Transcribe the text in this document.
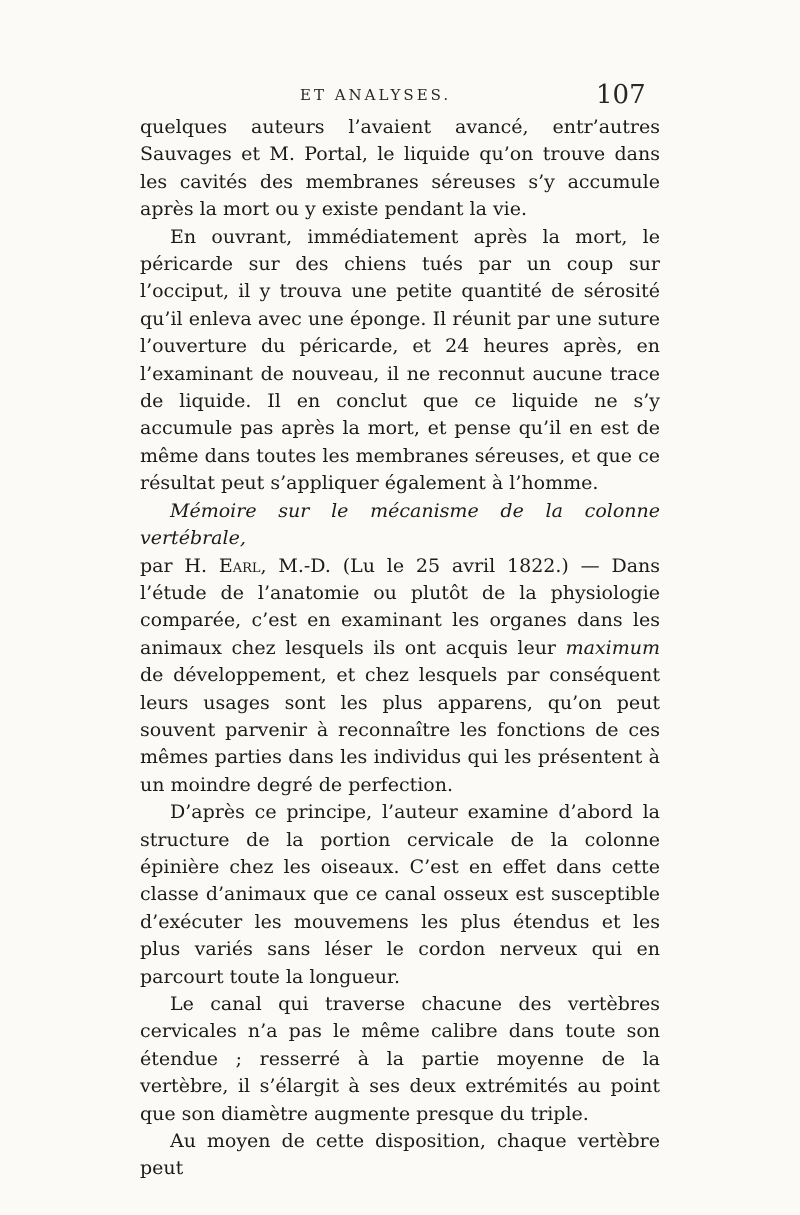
ET ANALYSES.	107

quelques auteurs l’avaient avancé, entr’autres Sauvages et M. Portal, le liquide qu’on trouve dans les cavités des membranes séreuses s’y accumule après la mort ou y existe pendant la vie.

En ouvrant, immédiatement après la mort, le péricarde sur des chiens tués par un coup sur l’occiput, il y trouva une petite quantité de sérosité qu’il enleva avec une éponge. Il réunit par une suture l’ouverture du péricarde, et 24 heures après, en l’examinant de nouveau, il ne reconnut aucune trace de liquide. Il en conclut que ce liquide ne s’y accumule pas après la mort, et pense qu’il en est de même dans toutes les membranes séreuses, et que ce résultat peut s’appliquer également à l’homme.

Mémoire sur le mécanisme de la colonne vertébrale,
par H. Earl, M.-D. (Lu le 25 avril 1822.) — Dans l’étude de l’anatomie ou plutôt de la physiologie comparée, c’est en examinant les organes dans les animaux chez lesquels ils ont acquis leur maximum de développement, et chez lesquels par conséquent leurs usages sont les plus apparens, qu’on peut souvent parvenir à reconnaître les fonctions de ces mêmes parties dans les individus qui les présentent à un moindre degré de perfection.

D’après ce principe, l’auteur examine d’abord la structure de la portion cervicale de la colonne épinière chez les oiseaux. C’est en effet dans cette classe d’animaux que ce canal osseux est susceptible d’exécuter les mouvemens les plus étendus et les plus variés sans léser le cordon nerveux qui en parcourt toute la longueur.

Le canal qui traverse chacune des vertèbres cervicales n’a pas le même calibre dans toute son étendue ; resserré à la partie moyenne de la vertèbre, il s’élargit à ses deux extrémités au point que son diamètre augmente presque du triple.

Au moyen de cette disposition, chaque vertèbre peut
